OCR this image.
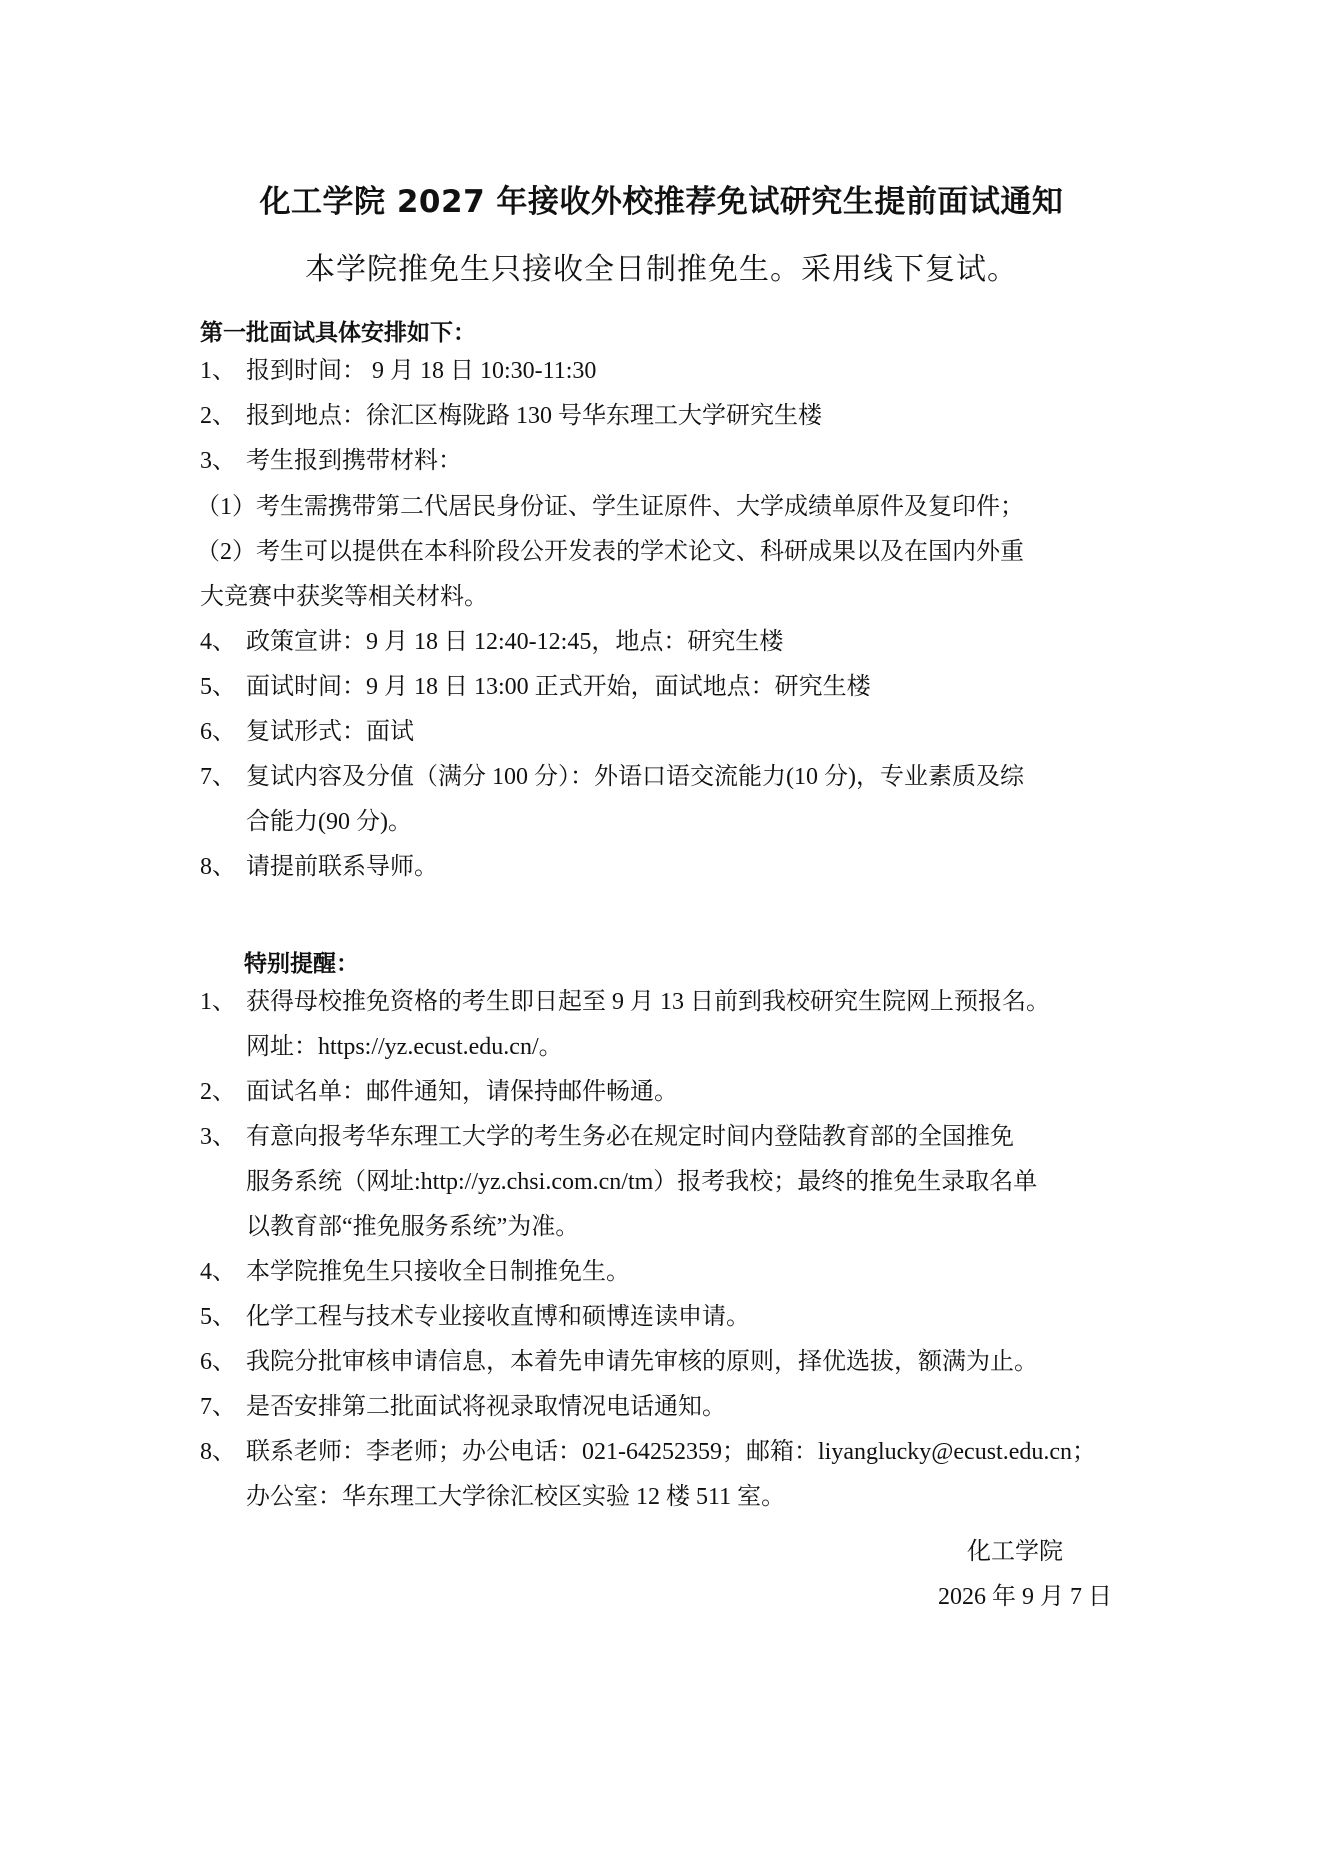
化工学院 2027 年接收外校推荐免试研究生提前面试通知
本学院推免生只接收全日制推免生。采用线下复试。
第一批面试具体安排如下：
1、 报到时间： 9 月 18 日 10:30-11:30
2、 报到地点：徐汇区梅陇路 130 号华东理工大学研究生楼
3、 考生报到携带材料：
（1）考生需携带第二代居民身份证、学生证原件、大学成绩单原件及复印件；
（2）考生可以提供在本科阶段公开发表的学术论文、科研成果以及在国内外重
大竞赛中获奖等相关材料。
4、 政策宣讲：9 月 18 日 12:40-12:45，地点：研究生楼
5、 面试时间：9 月 18 日 13:00 正式开始，面试地点：研究生楼
6、 复试形式：面试
7、 复试内容及分值（满分 100 分）：外语口语交流能力(10 分)，专业素质及综
合能力(90 分)。
8、 请提前联系导师。
特别提醒：
1、 获得母校推免资格的考生即日起至 9 月 13 日前到我校研究生院网上预报名。
网址：https://yz.ecust.edu.cn/。
2、 面试名单：邮件通知，请保持邮件畅通。
3、 有意向报考华东理工大学的考生务必在规定时间内登陆教育部的全国推免
服务系统（网址:http://yz.chsi.com.cn/tm）报考我校；最终的推免生录取名单
以教育部“推免服务系统”为准。
4、 本学院推免生只接收全日制推免生。
5、 化学工程与技术专业接收直博和硕博连读申请。
6、 我院分批审核申请信息，本着先申请先审核的原则，择优选拔，额满为止。
7、 是否安排第二批面试将视录取情况电话通知。
8、 联系老师：李老师；办公电话：021-64252359；邮箱：liyanglucky@ecust.edu.cn；
办公室：华东理工大学徐汇校区实验 12 楼 511 室。
化工学院
2026 年 9 月 7 日
